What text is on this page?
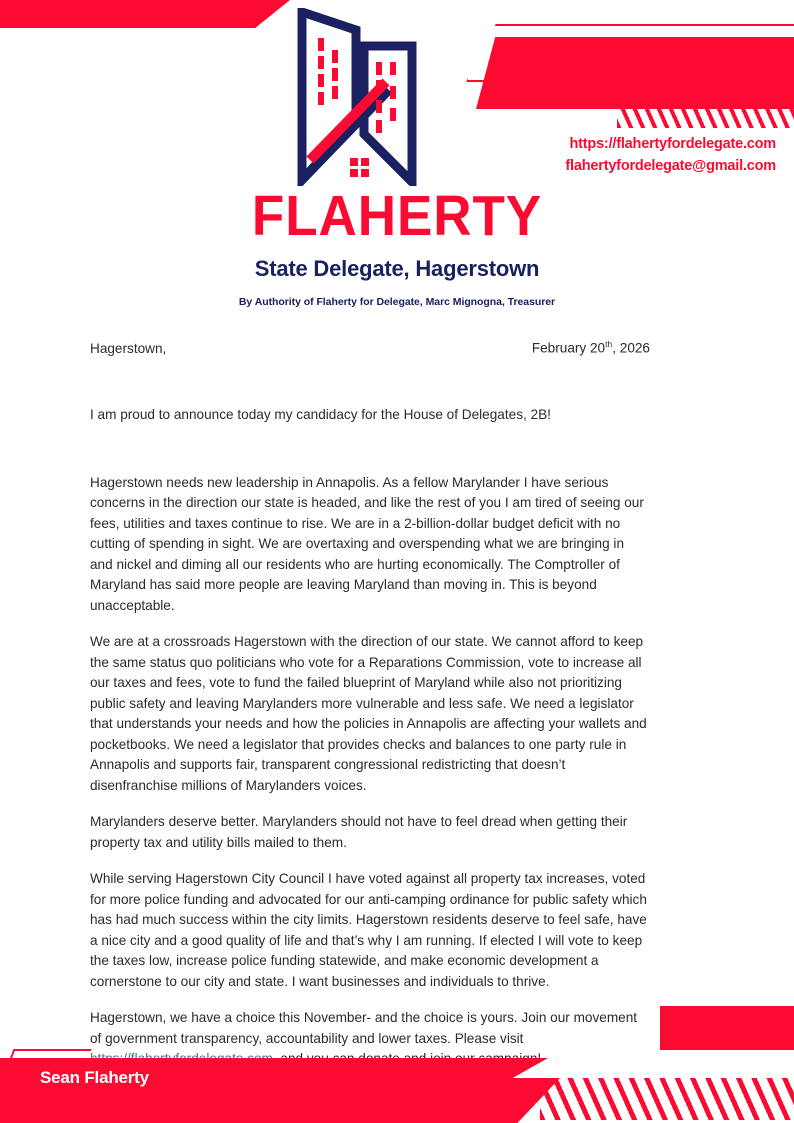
https://flahertyfordelegate.com
flahertyfordelegate@gmail.com
FLAHERTY
State Delegate, Hagerstown
By Authority of Flaherty for Delegate, Marc Mignogna, Treasurer
Hagerstown,	February 20th, 2026

I am proud to announce today my candidacy for the House of Delegates, 2B!

Hagerstown needs new leadership in Annapolis. As a fellow Marylander I have serious concerns in the direction our state is headed, and like the rest of you I am tired of seeing our fees, utilities and taxes continue to rise. We are in a 2-billion-dollar budget deficit with no cutting of spending in sight. We are overtaxing and overspending what we are bringing in and nickel and diming all our residents who are hurting economically. The Comptroller of Maryland has said more people are leaving Maryland than moving in. This is beyond unacceptable.

We are at a crossroads Hagerstown with the direction of our state. We cannot afford to keep the same status quo politicians who vote for a Reparations Commission, vote to increase all our taxes and fees, vote to fund the failed blueprint of Maryland while also not prioritizing public safety and leaving Marylanders more vulnerable and less safe. We need a legislator that understands your needs and how the policies in Annapolis are affecting your wallets and pocketbooks. We need a legislator that provides checks and balances to one party rule in Annapolis and supports fair, transparent congressional redistricting that doesn’t disenfranchise millions of Marylanders voices.

Marylanders deserve better. Marylanders should not have to feel dread when getting their property tax and utility bills mailed to them.

While serving Hagerstown City Council I have voted against all property tax increases, voted for more police funding and advocated for our anti-camping ordinance for public safety which has had much success within the city limits. Hagerstown residents deserve to feel safe, have a nice city and a good quality of life and that’s why I am running. If elected I will vote to keep the taxes low, increase police funding statewide, and make economic development a cornerstone to our city and state. I want businesses and individuals to thrive.

Hagerstown, we have a choice this November- and the choice is yours. Join our movement of government transparency, accountability and lower taxes. Please visit

Sean Flaherty
